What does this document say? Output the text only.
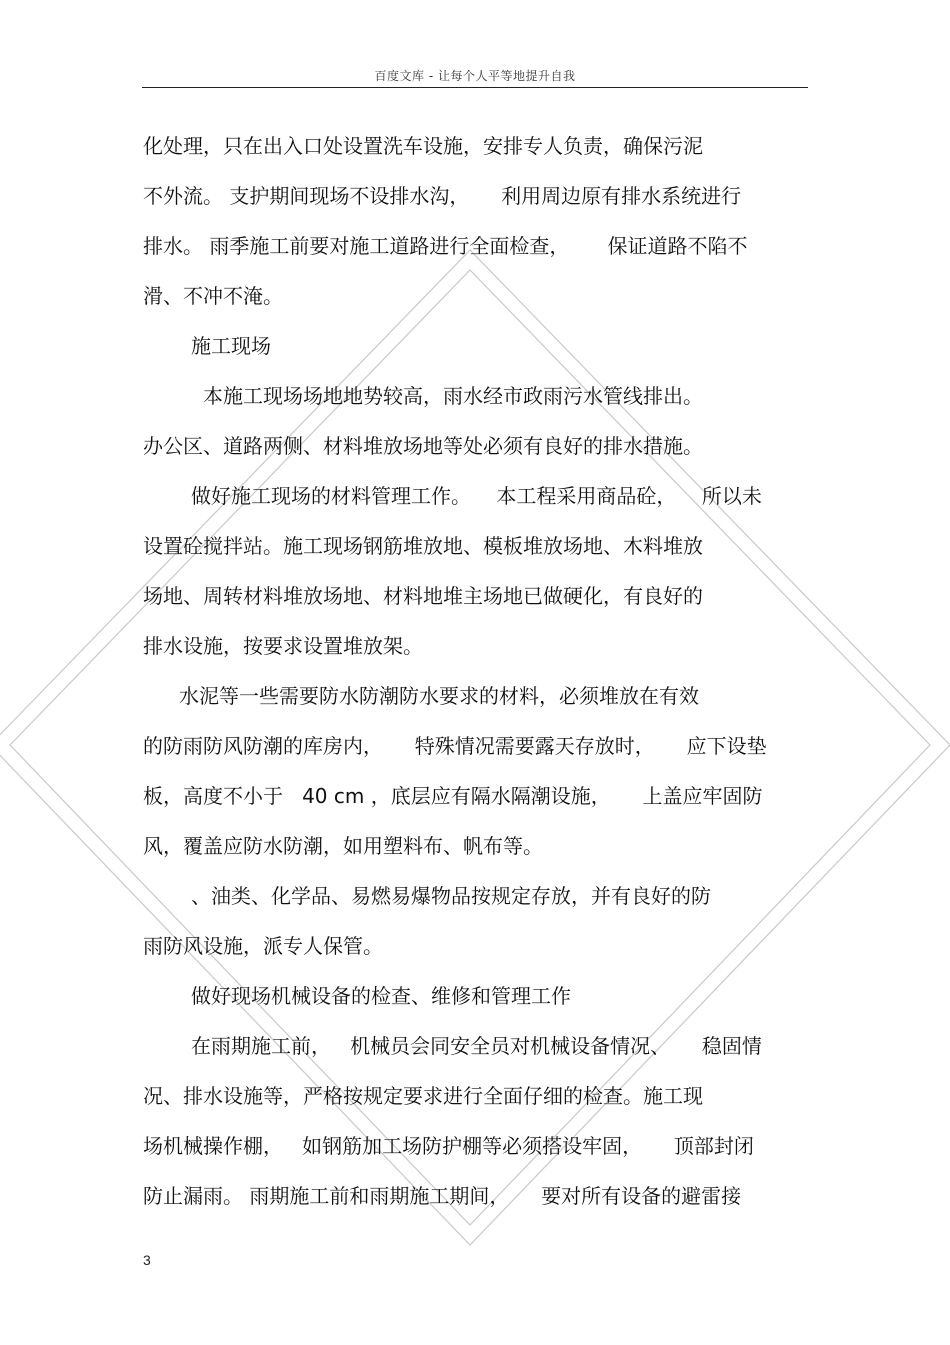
百度文库 - 让每个人平等地提升自我
化处理，只在出入口处设置洗车设施，安排专人负责，确保污泥
不外流。 支护期间现场不设排水沟，     利用周边原有排水系统进行
排水。 雨季施工前要对施工道路进行全面检查，      保证道路不陷不
滑、不冲不淹。
施工现场
本施工现场场地地势较高，雨水经市政雨污水管线排出。
办公区、道路两侧、材料堆放场地等处必须有良好的排水措施。
做好施工现场的材料管理工作。    本工程采用商品砼，    所以未
设置砼搅拌站。施工现场钢筋堆放地、模板堆放场地、木料堆放
场地、周转材料堆放场地、材料地堆主场地已做硬化，有良好的
排水设施，按要求设置堆放架。
水泥等一些需要防水防潮防水要求的材料，必须堆放在有效
的防雨防风防潮的库房内，     特殊情况需要露天存放时，     应下设垫
板，高度不小于   40 cm ，底层应有隔水隔潮设施，     上盖应牢固防
风，覆盖应防水防潮，如用塑料布、帆布等。
、油类、化学品、易燃易爆物品按规定存放，并有良好的防
雨防风设施，派专人保管。
做好现场机械设备的检查、维修和管理工作
在雨期施工前，   机械员会同安全员对机械设备情况、     稳固情
况、排水设施等，严格按规定要求进行全面仔细的检查。施工现
场机械操作棚，   如钢筋加工场防护棚等必须搭设牢固，     顶部封闭
防止漏雨。 雨期施工前和雨期施工期间，     要对所有设备的避雷接
3
